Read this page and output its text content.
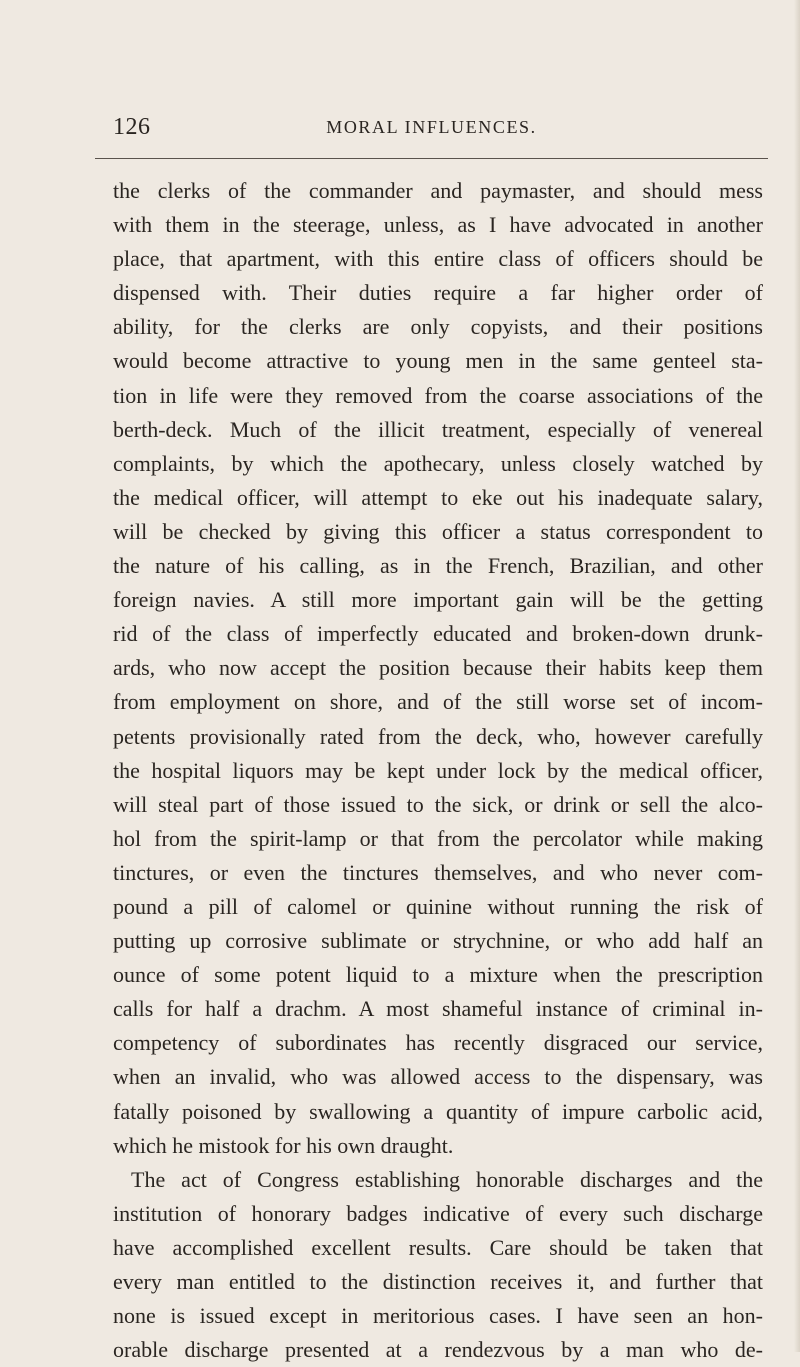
126	MORAL INFLUENCES.
the clerks of the commander and paymaster, and should mess
with them in the steerage, unless, as I have advocated in another
place, that apartment, with this entire class of officers should be
dispensed with. Their duties require a far higher order of
ability, for the clerks are only copyists, and their positions
would become attractive to young men in the same genteel sta-
tion in life were they removed from the coarse associations of the
berth-deck. Much of the illicit treatment, especially of venereal
complaints, by which the apothecary, unless closely watched by
the medical officer, will attempt to eke out his inadequate salary,
will be checked by giving this officer a status correspondent to
the nature of his calling, as in the French, Brazilian, and other
foreign navies. A still more important gain will be the getting
rid of the class of imperfectly educated and broken-down drunk-
ards, who now accept the position because their habits keep them
from employment on shore, and of the still worse set of incom-
petents provisionally rated from the deck, who, however carefully
the hospital liquors may be kept under lock by the medical officer,
will steal part of those issued to the sick, or drink or sell the alco-
hol from the spirit-lamp or that from the percolator while making
tinctures, or even the tinctures themselves, and who never com-
pound a pill of calomel or quinine without running the risk of
putting up corrosive sublimate or strychnine, or who add half an
ounce of some potent liquid to a mixture when the prescription
calls for half a drachm. A most shameful instance of criminal in-
competency of subordinates has recently disgraced our service,
when an invalid, who was allowed access to the dispensary, was
fatally poisoned by swallowing a quantity of impure carbolic acid,
which he mistook for his own draught.
The act of Congress establishing honorable discharges and the
institution of honorary badges indicative of every such discharge
have accomplished excellent results. Care should be taken that
every man entitled to the distinction receives it, and further that
none is issued except in meritorious cases. I have seen an hon-
orable discharge presented at a rendezvous by a man who de-
